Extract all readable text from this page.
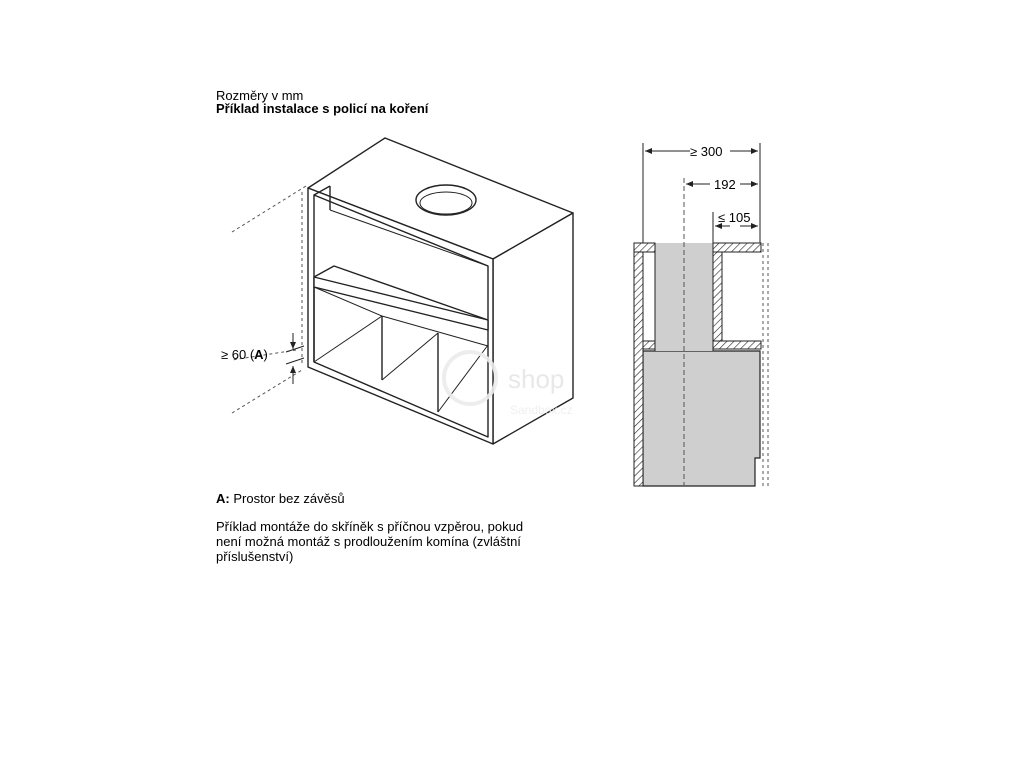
Rozměry v mm
Příklad instalace s policí na koření
shop
Sandbox.cz
≥ 300
192
≤ 105
≥ 60 (A)
A: Prostor bez závěsů
Příklad montáže do skříněk s příčnou vzpěrou, pokud
není možná montáž s prodloužením komína (zvláštní
příslušenství)
